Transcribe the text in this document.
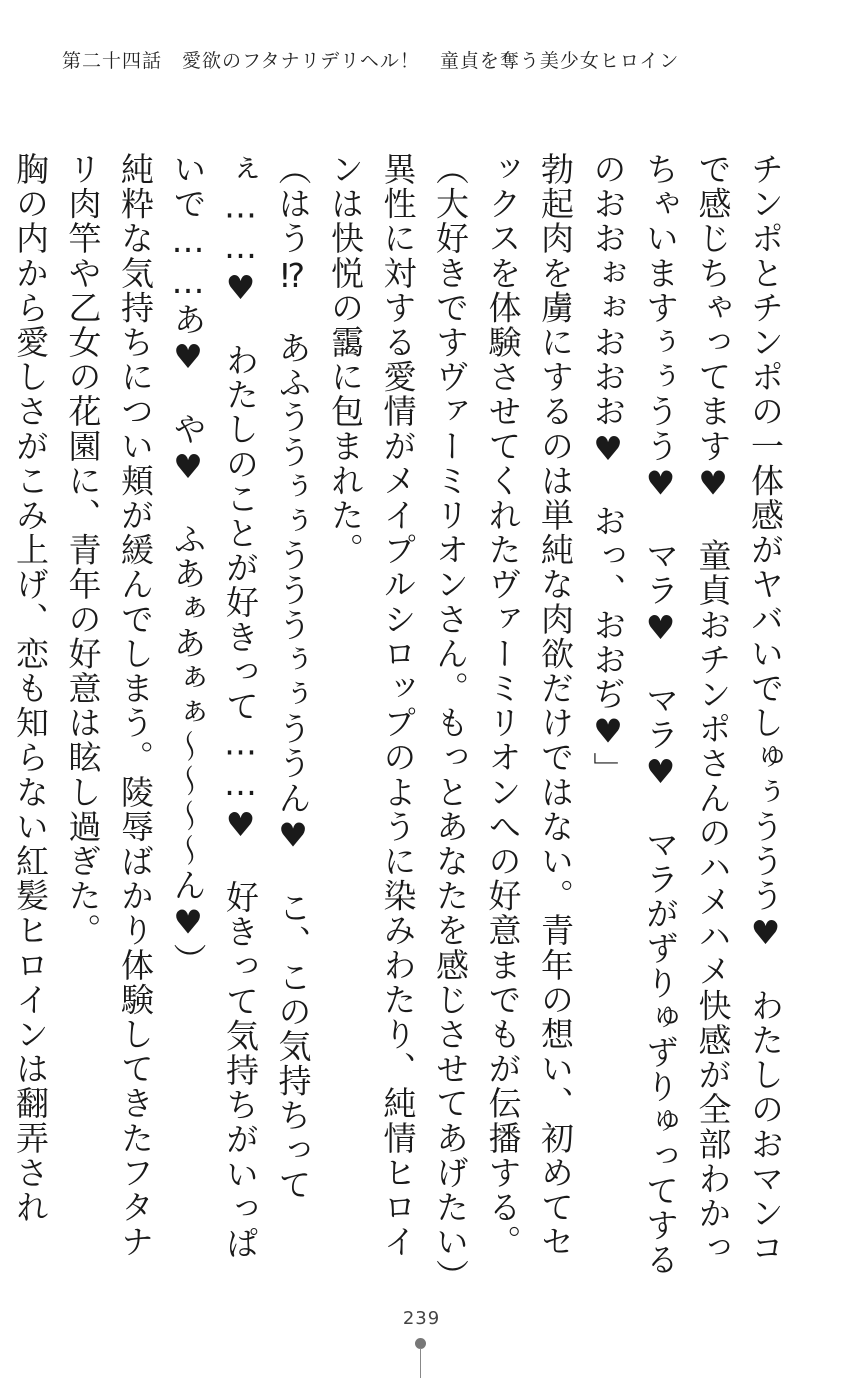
第二十四話　愛欲のフタナリデリヘル！　童貞を奪う美少女ヒロイン

チンポとチンポの一体感がヤバいでしゅぅううう♥　わたしのおマンコで感じちゃってます♥　童貞おチンポさんのハメハメ快感が全部わかっちゃいますぅぅうう♥　マラ♥　マラ♥　マラがずりゅずりゅってするのおおぉぉおおお♥　おっ、おおぢ♥」

勃起肉を虜にするのは単純な肉欲だけではない。青年の想い、初めてセックスを体験させてくれたヴァーミリオンへの好意までもが伝播する。

（大好きですヴァーミリオンさん。もっとあなたを感じさせてあげたい）

異性に対する愛情がメイプルシロップのように染みわたり、純情ヒロインは快悦の靄に包まれた。

（はう⁉　あふううぅぅうううぅぅううん♥　こ、この気持ちってぇ……♥　わたしのことが好きって……♥　好きって気持ちがいっぱいで……あ♥　や♥　ふあぁあぁぁ〜〜〜〜ん♥）

純粋な気持ちについ頬が緩んでしまう。陵辱ばかり体験してきたフタナリ肉竿や乙女の花園に、青年の好意は眩し過ぎた。

胸の内から愛しさがこみ上げ、恋も知らない紅髪ヒロインは翻弄され

239
